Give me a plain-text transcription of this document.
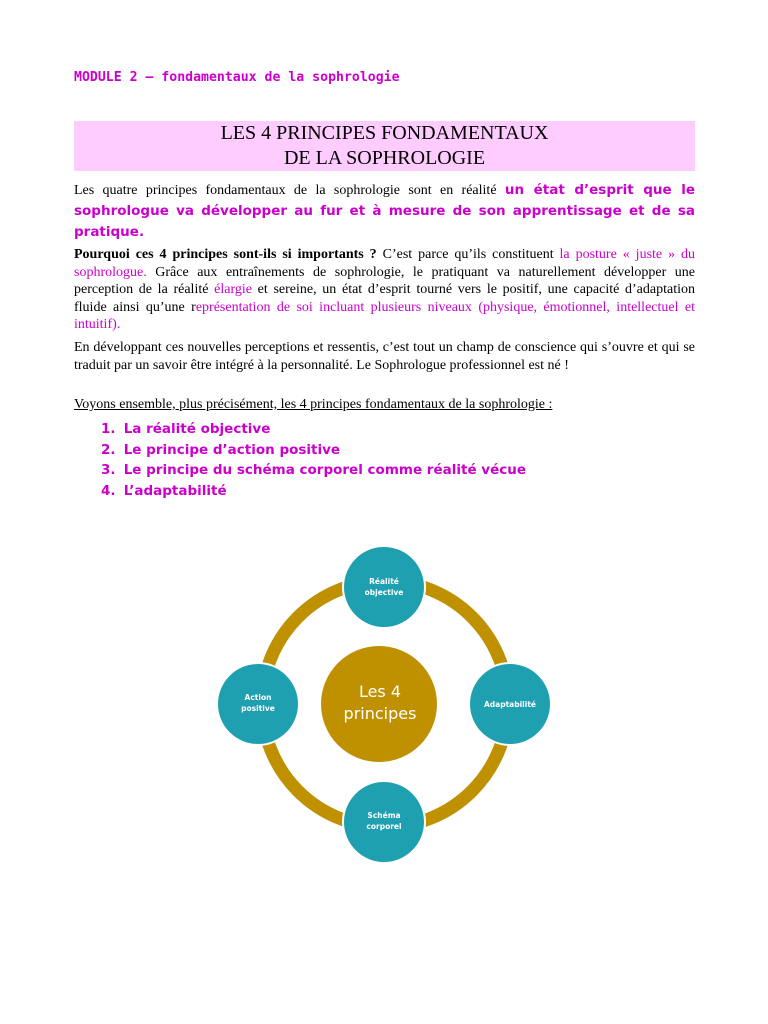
MODULE 2 – fondamentaux de la sophrologie
LES 4 PRINCIPES FONDAMENTAUX
DE LA SOPHROLOGIE
Les quatre principes fondamentaux de la sophrologie sont en réalité un état d’esprit que le sophrologue va développer au fur et à mesure de son apprentissage et de sa pratique.
Pourquoi ces 4 principes sont-ils si importants ? C’est parce qu’ils constituent la posture « juste » du sophrologue. Grâce aux entraînements de sophrologie, le pratiquant va naturellement développer une perception de la réalité élargie et sereine, un état d’esprit tourné vers le positif, une capacité d’adaptation fluide ainsi qu’une représentation de soi incluant plusieurs niveaux (physique, émotionnel, intellectuel et intuitif).
En développant ces nouvelles perceptions et ressentis, c’est tout un champ de conscience qui s’ouvre et qui se traduit par un savoir être intégré à la personnalité. Le Sophrologue professionnel est né !
Voyons ensemble, plus précisément, les 4 principes fondamentaux de la sophrologie :
1. La réalité objective
2. Le principe d’action positive
3. Le principe du schéma corporel comme réalité vécue
4. L’adaptabilité
Les 4
principes
Réalité
objective
Adaptabilité
Schéma
corporel
Action
positive
